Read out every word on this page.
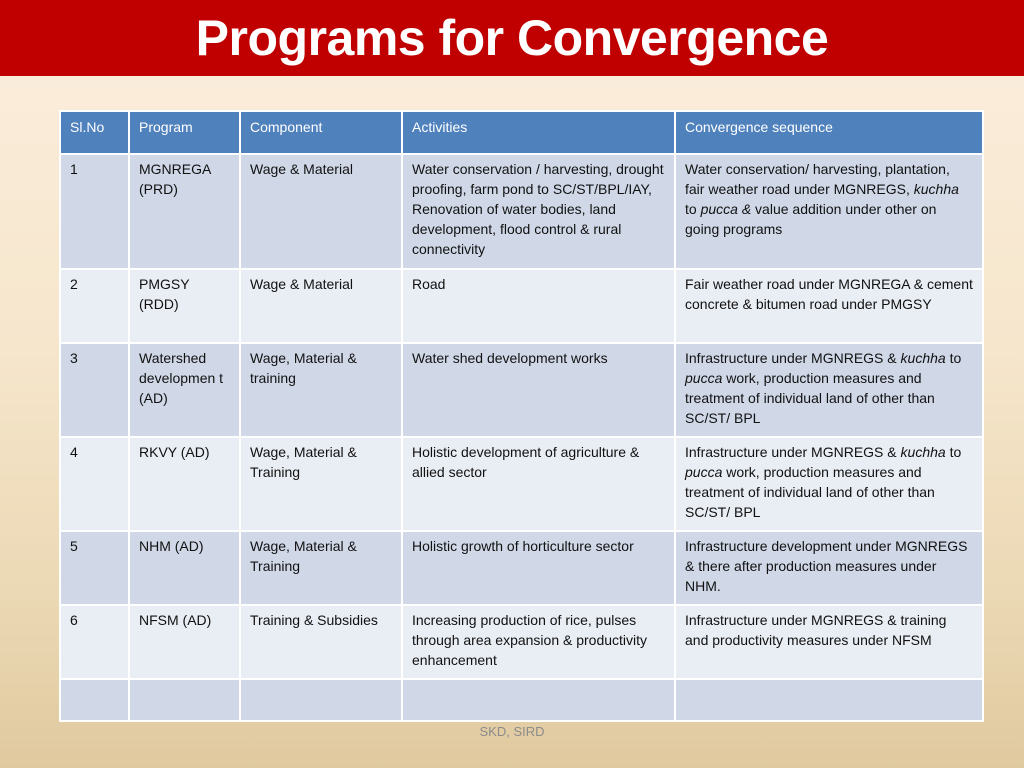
Programs for Convergence
Sl.No	Program	Component	Activities	Convergence sequence
1	MGNREGA (PRD)	Wage & Material	Water conservation / harvesting, drought proofing, farm pond to SC/ST/BPL/IAY, Renovation of water bodies, land development, flood control & rural connectivity	Water conservation/ harvesting, plantation, fair weather road under MGNREGS, kuchha to pucca & value addition under other on going programs
2	PMGSY (RDD)	Wage & Material	Road	Fair weather road under MGNREGA & cement concrete & bitumen road under PMGSY
3	Watershed developmen t (AD)	Wage, Material & training	Water shed development works	Infrastructure under MGNREGS & kuchha to pucca work, production measures and treatment of individual land of other than SC/ST/ BPL
4	RKVY (AD)	Wage, Material & Training	Holistic development of agriculture & allied sector	Infrastructure under MGNREGS & kuchha to pucca work, production measures and treatment of individual land of other than SC/ST/ BPL
5	NHM (AD)	Wage, Material & Training	Holistic growth of horticulture sector	Infrastructure development under MGNREGS & there after production measures under NHM.
6	NFSM (AD)	Training & Subsidies	Increasing production of rice, pulses through area expansion & productivity enhancement	Infrastructure under MGNREGS & training and productivity measures under NFSM

SKD, SIRD
